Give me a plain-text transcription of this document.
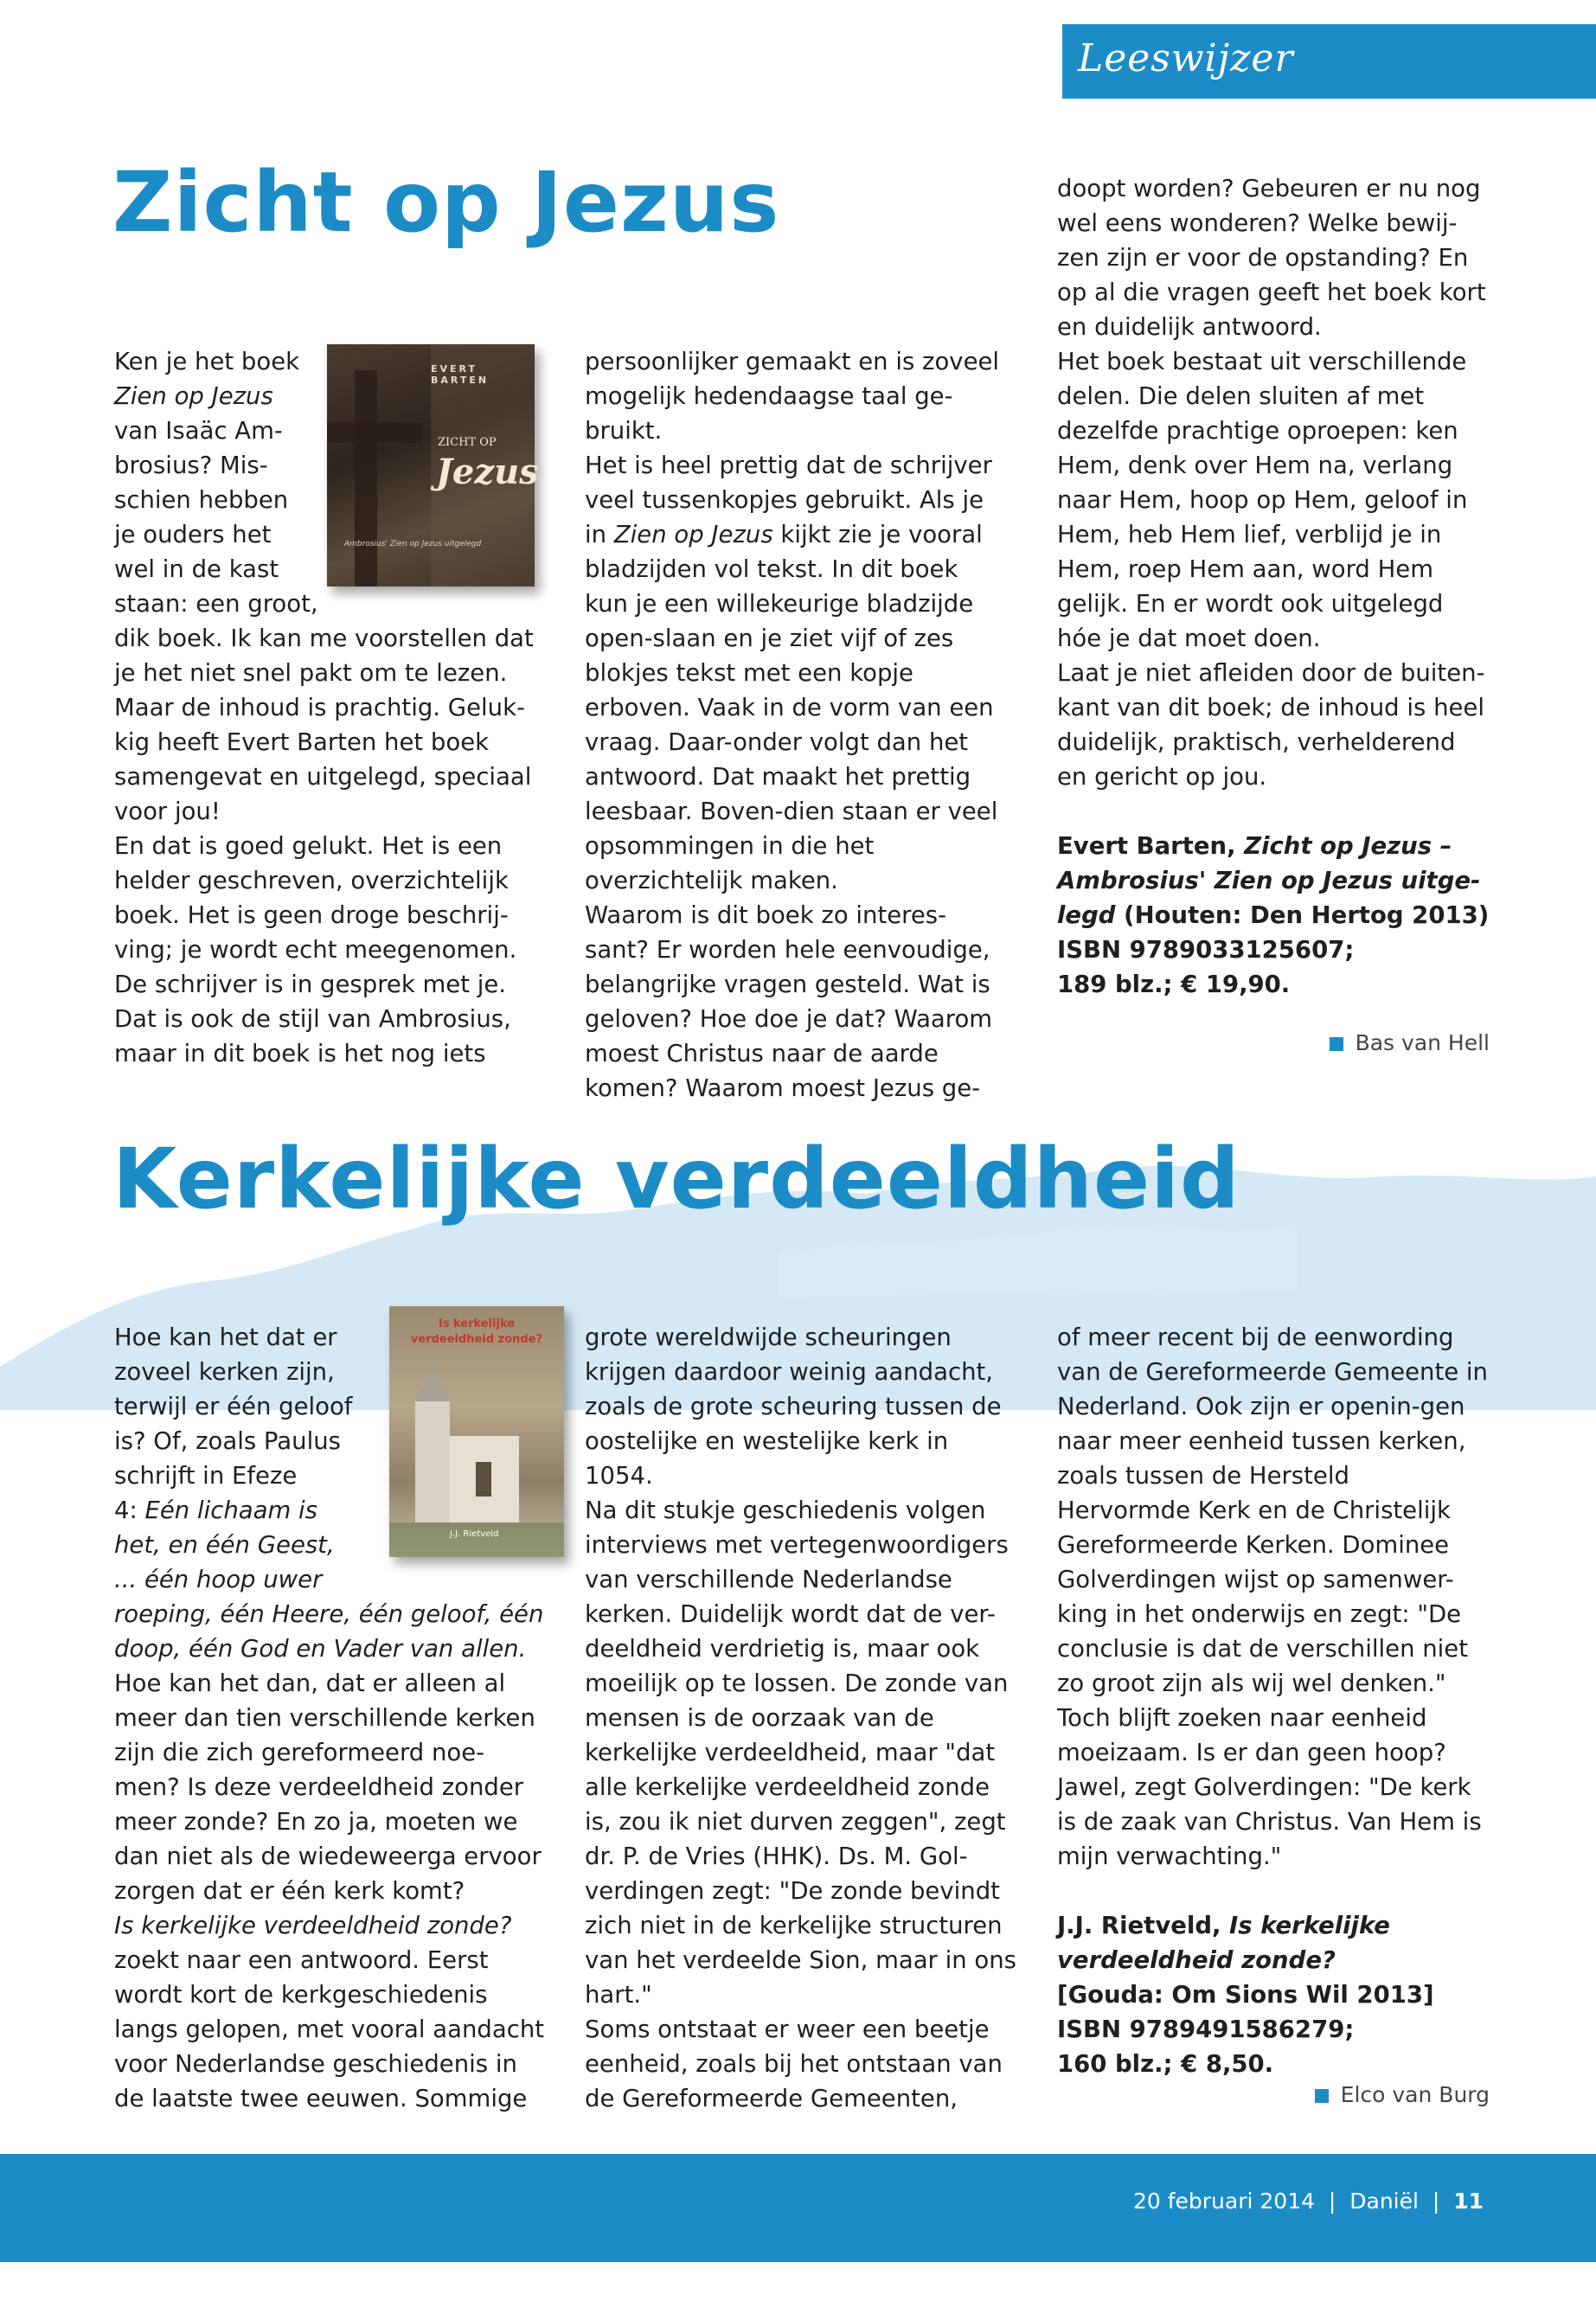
Leeswijzer
Zicht op Jezus
EVERT BARTEN
ZICHT OP
Jezus
Ambrosius' Zien op Jezus uitgelegd

Ken je het boek

Zien op Jezus

van Isaäc Am-

brosius? Mis-

schien hebben

je ouders het

wel in de kast

staan: een groot,

dik boek. Ik kan me voorstellen dat je het niet snel pakt om te lezen. Maar de inhoud is prachtig. Geluk-kig heeft Evert Barten het boek samengevat en uitgelegd, speciaal voor jou!

En dat is goed gelukt. Het is een helder geschreven, overzichtelijk boek. Het is geen droge beschrij-ving; je wordt echt meegenomen. De schrijver is in gesprek met je. Dat is ook de stijl van Ambrosius, maar in dit boek is het nog iets

persoonlijker gemaakt en is zoveel mogelijk hedendaagse taal ge-bruikt.

Het is heel prettig dat de schrijver veel tussenkopjes gebruikt. Als je in Zien op Jezus kijkt zie je vooral bladzijden vol tekst. In dit boek kun je een willekeurige bladzijde open-slaan en je ziet vijf of zes blokjes tekst met een kopje erboven. Vaak in de vorm van een vraag. Daar-onder volgt dan het antwoord. Dat maakt het prettig leesbaar. Boven-dien staan er veel opsommingen in die het overzichtelijk maken.

Waarom is dit boek zo interes-sant? Er worden hele eenvoudige, belangrijke vragen gesteld. Wat is geloven? Hoe doe je dat? Waarom moest Christus naar de aarde komen? Waarom moest Jezus ge-

doopt worden? Gebeuren er nu nog wel eens wonderen? Welke bewij-zen zijn er voor de opstanding? En op al die vragen geeft het boek kort en duidelijk antwoord.

Het boek bestaat uit verschillende delen. Die delen sluiten af met dezelfde prachtige oproepen: ken Hem, denk over Hem na, verlang naar Hem, hoop op Hem, geloof in Hem, heb Hem lief, verblijd je in Hem, roep Hem aan, word Hem gelijk. En er wordt ook uitgelegd hóe je dat moet doen.

Laat je niet afleiden door de buiten-kant van dit boek; de inhoud is heel duidelijk, praktisch, verhelderend en gericht op jou.

Evert Barten, Zicht op Jezus – Ambrosius' Zien op Jezus uitge-legd (Houten: Den Hertog 2013)
ISBN 9789033125607;
189 blz.; € 19,90.

Bas van Hell

Kerkelijke verdeeldheid
Is kerkelijke verdeeldheid zonde?
J.J. Rietveld

Hoe kan het dat er

zoveel kerken zijn,

terwijl er één geloof

is? Of, zoals Paulus

schrijft in Efeze

4: Eén lichaam is

het, en één Geest,

... één hoop uwer

roeping, één Heere, één geloof, één doop, één God en Vader van allen.

Hoe kan het dan, dat er alleen al meer dan tien verschillende kerken zijn die zich gereformeerd noe-men? Is deze verdeeldheid zonder meer zonde? En zo ja, moeten we dan niet als de wiedeweerga ervoor zorgen dat er één kerk komt?

Is kerkelijke verdeeldheid zonde? zoekt naar een antwoord. Eerst wordt kort de kerkgeschiedenis langs gelopen, met vooral aandacht voor Nederlandse geschiedenis in de laatste twee eeuwen. Sommige

grote wereldwijde scheuringen krijgen daardoor weinig aandacht, zoals de grote scheuring tussen de oostelijke en westelijke kerk in 1054.

Na dit stukje geschiedenis volgen interviews met vertegenwoordigers van verschillende Nederlandse kerken. Duidelijk wordt dat de ver-deeldheid verdrietig is, maar ook moeilijk op te lossen. De zonde van mensen is de oorzaak van de kerkelijke verdeeldheid, maar "dat alle kerkelijke verdeeldheid zonde is, zou ik niet durven zeggen", zegt dr. P. de Vries (HHK). Ds. M. Gol-verdingen zegt: "De zonde bevindt zich niet in de kerkelijke structuren van het verdeelde Sion, maar in ons hart."

Soms ontstaat er weer een beetje eenheid, zoals bij het ontstaan van de Gereformeerde Gemeenten,

of meer recent bij de eenwording van de Gereformeerde Gemeente in Nederland. Ook zijn er openin-gen naar meer eenheid tussen kerken, zoals tussen de Hersteld Hervormde Kerk en de Christelijk Gereformeerde Kerken. Dominee Golverdingen wijst op samenwer-king in het onderwijs en zegt: "De conclusie is dat de verschillen niet zo groot zijn als wij wel denken." Toch blijft zoeken naar eenheid moeizaam. Is er dan geen hoop? Jawel, zegt Golverdingen: "De kerk is de zaak van Christus. Van Hem is mijn verwachting."

J.J. Rietveld, Is kerkelijke verdeeldheid zonde?
[Gouda: Om Sions Wil 2013]
ISBN 9789491586279;
160 blz.; € 8,50.

Elco van Burg

20 februari 2014 | Daniël | 11
